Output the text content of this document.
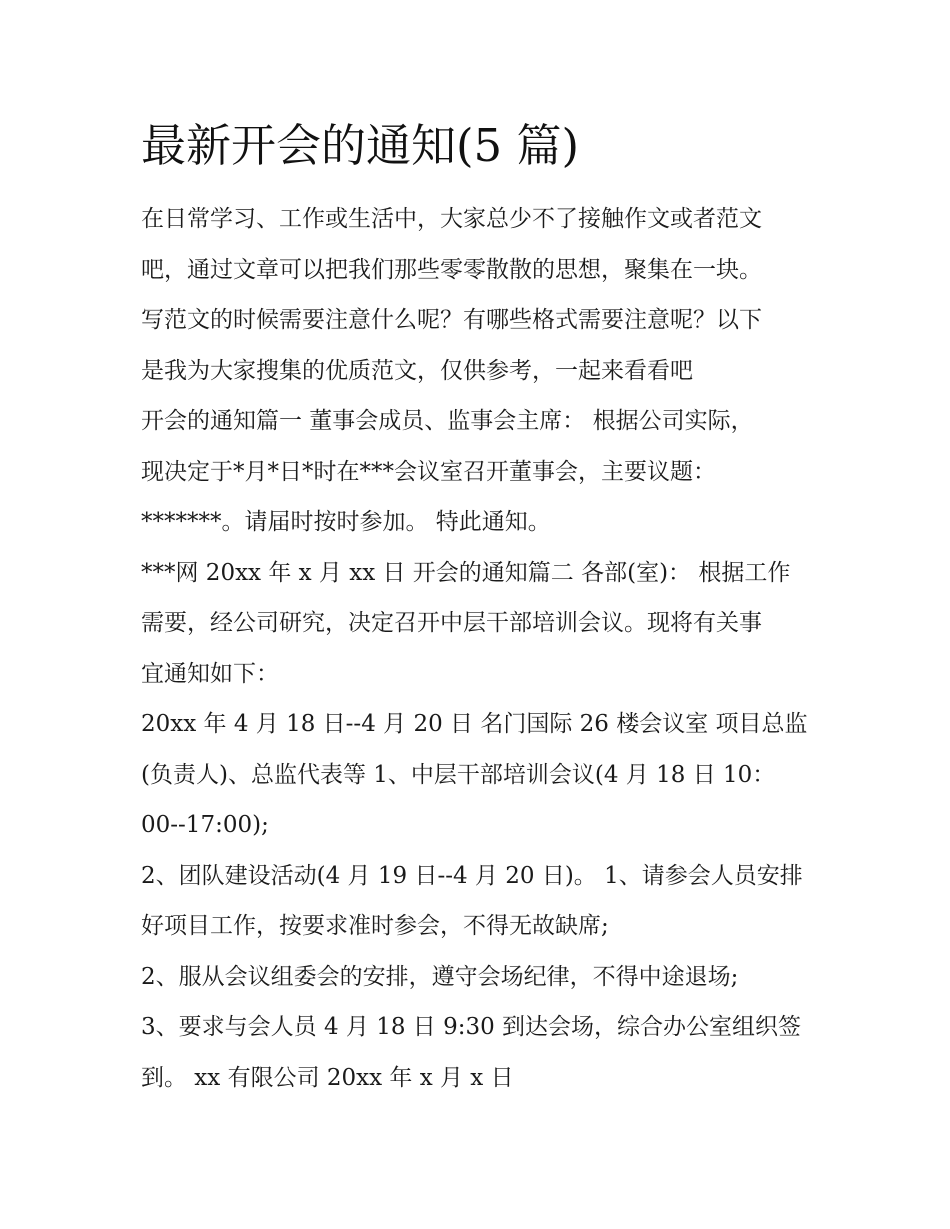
最新开会的通知(5 篇)
在日常学习、工作或生活中，大家总少不了接触作文或者范文
吧，通过文章可以把我们那些零零散散的思想，聚集在一块。
写范文的时候需要注意什么呢？有哪些格式需要注意呢？以下
是我为大家搜集的优质范文，仅供参考，一起来看看吧
开会的通知篇一 董事会成员、监事会主席： 根据公司实际，
现决定于*月*日*时在***会议室召开董事会，主要议题：
*******。请届时按时参加。 特此通知。
***网 20xx 年 x 月 xx 日 开会的通知篇二 各部(室)： 根据工作
需要，经公司研究，决定召开中层干部培训会议。现将有关事
宜通知如下：
20xx 年 4 月 18 日--4 月 20 日 名门国际 26 楼会议室 项目总监
(负责人)、总监代表等 1、中层干部培训会议(4 月 18 日 10：
00--17:00);
2、团队建设活动(4 月 19 日--4 月 20 日)。 1、请参会人员安排
好项目工作，按要求准时参会，不得无故缺席;
2、服从会议组委会的安排，遵守会场纪律，不得中途退场;
3、要求与会人员 4 月 18 日 9:30 到达会场，综合办公室组织签
到。 xx 有限公司 20xx 年 x 月 x 日
